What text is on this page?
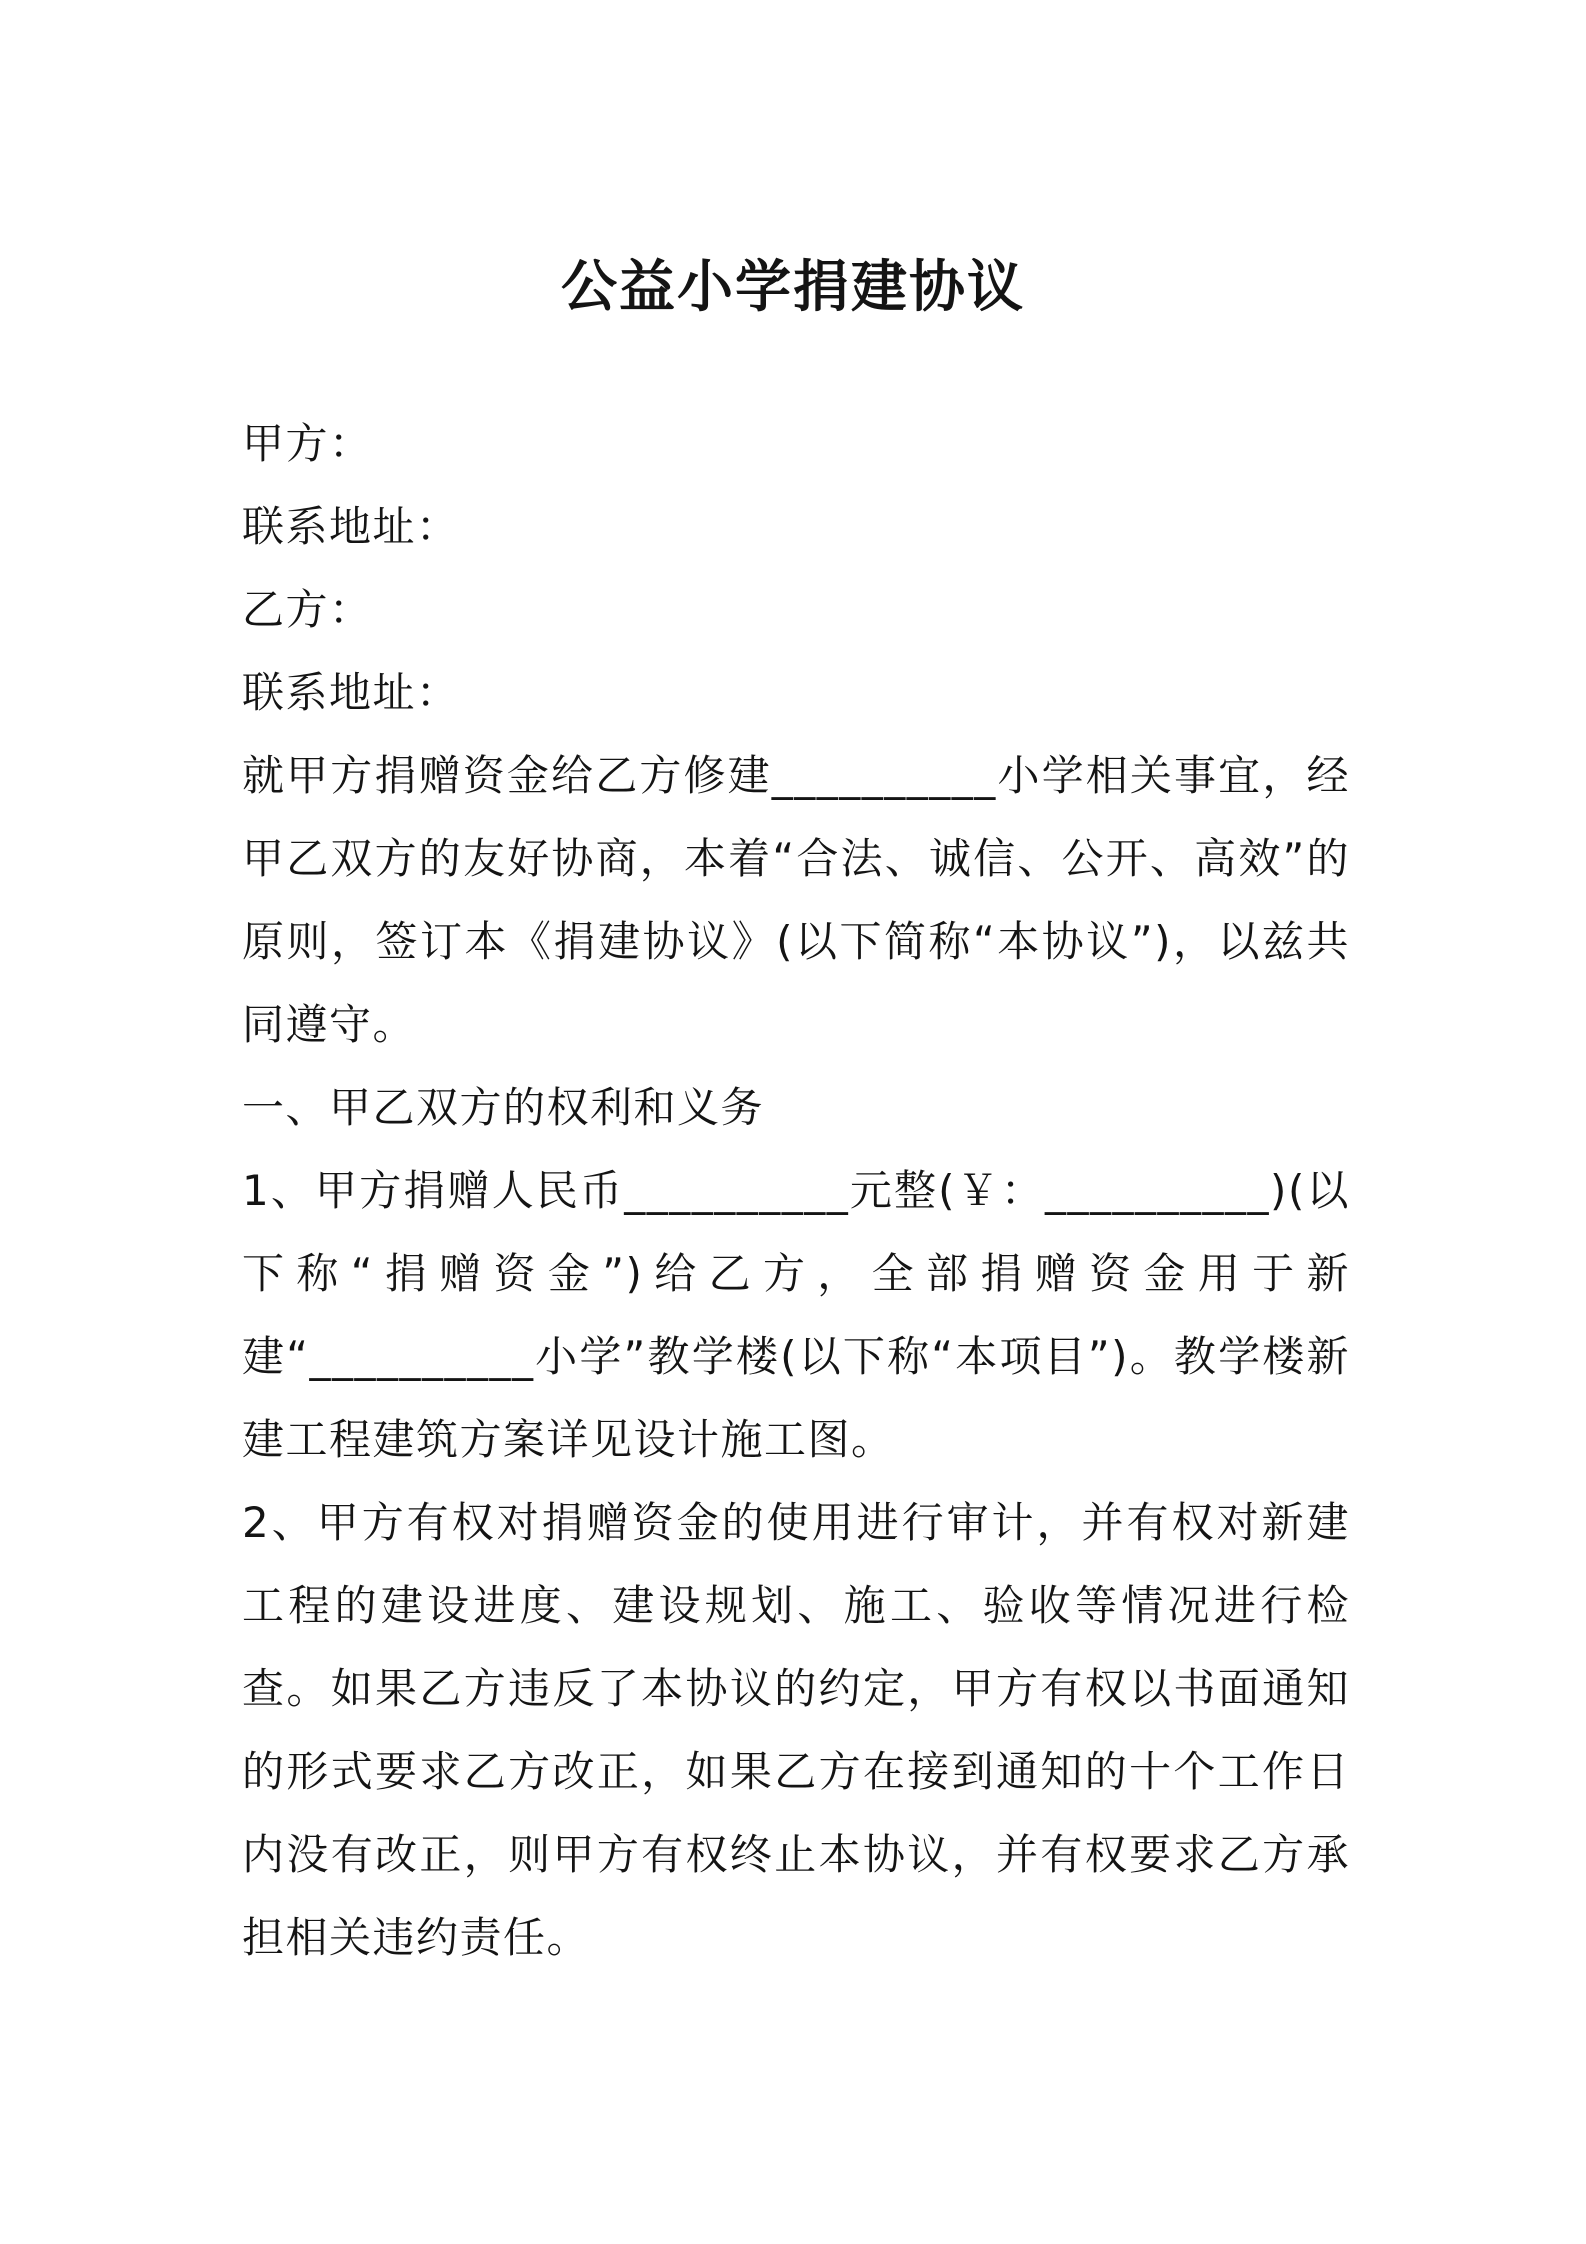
公益小学捐建协议
甲方：
联系地址：
乙方：
联系地址：
就甲方捐赠资金给乙方修建__________小学相关事宜，经甲乙双方的友好协商，本着“合法、诚信、公开、高效”的原则，签订本《捐建协议》(以下简称“本协议”)，以兹共同遵守。
一、甲乙双方的权利和义务
1、甲方捐赠人民币__________元整(￥：__________)(以下称“捐赠资金”)给乙方，全部捐赠资金用于新建“__________小学”教学楼(以下称“本项目”)。教学楼新建工程建筑方案详见设计施工图。
2、甲方有权对捐赠资金的使用进行审计，并有权对新建工程的建设进度、建设规划、施工、验收等情况进行检查。如果乙方违反了本协议的约定，甲方有权以书面通知的形式要求乙方改正，如果乙方在接到通知的十个工作日内没有改正，则甲方有权终止本协议，并有权要求乙方承担相关违约责任。
